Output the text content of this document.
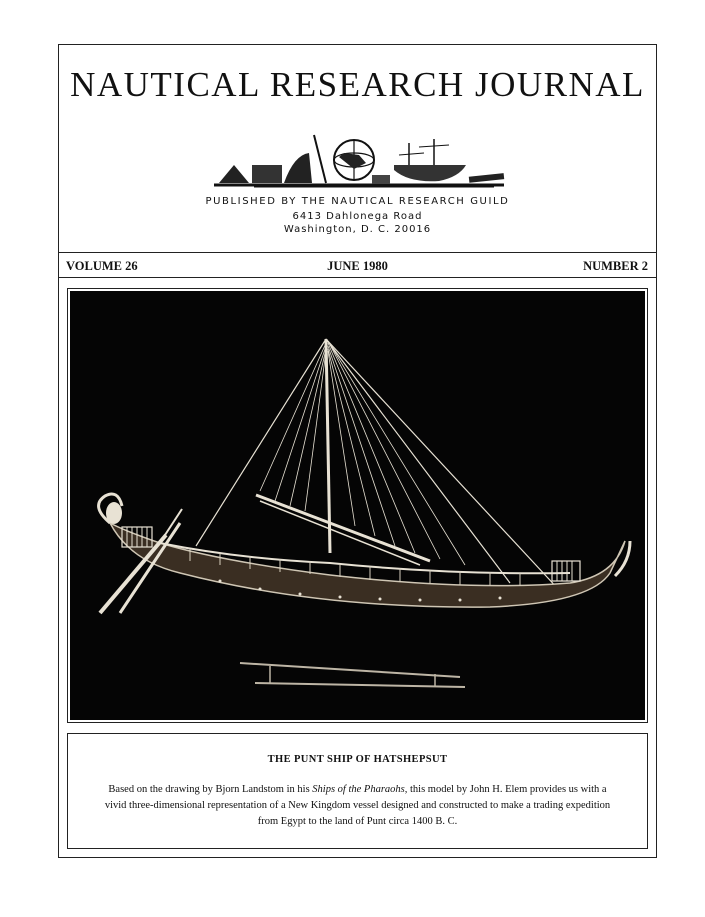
NAUTICAL RESEARCH JOURNAL
PUBLISHED BY THE NAUTICAL RESEARCH GUILD
6413 Dahlonega Road
Washington, D. C. 20016
VOLUME 26	JUNE 1980	NUMBER 2
THE PUNT SHIP OF HATSHEPSUT
Based on the drawing by Bjorn Landstom in his Ships of the Pharaohs, this model by John H. Elem provides us with a vivid three-dimensional representation of a New Kingdom vessel designed and constructed to make a trading expedition from Egypt to the land of Punt circa 1400 B. C.
